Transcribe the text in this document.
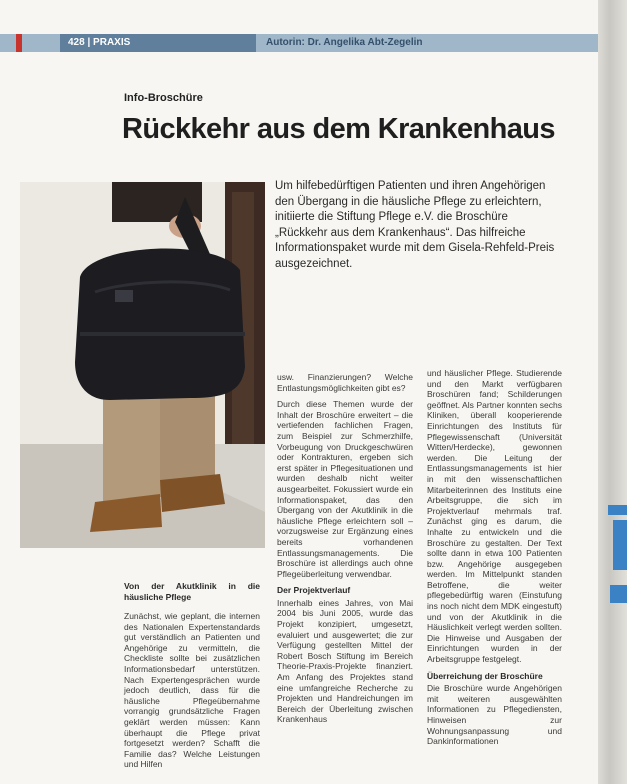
428 | PRAXIS	Autorin: Dr. Angelika Abt-Zegelin
Info-Broschüre
Rückkehr aus dem Krankenhaus
Um hilfebedürftigen Patienten und ihren Angehörigen den Übergang in die häusliche Pflege zu erleichtern, initiierte die Stiftung Pflege e.V. die Broschüre „Rückkehr aus dem Krankenhaus“. Das hilfreiche Informationspaket wurde mit dem Gisela-Rehfeld-Preis ausgezeichnet.
Von der Akutklinik in die häusliche Pflege

Zunächst, wie geplant, die internen des Nationalen Expertenstandards gut verständlich an Patienten und Angehörige zu vermitteln, die Checkliste sollte bei zusätzlichen Informationsbedarf unterstützen. Nach Expertengesprächen wurde jedoch deutlich, dass für die häusliche Pflegeübernahme vorrangig grundsätzliche Fragen geklärt werden müssen: Kann überhaupt die Pflege privat fortgesetzt werden? Schafft die Familie das? Welche Leistungen und Hilfen

usw. Finanzierungen? Welche Entlastungsmöglichkeiten gibt es?

Durch diese Themen wurde der Inhalt der Broschüre erweitert – die vertiefenden fachlichen Fragen, zum Beispiel zur Schmerzhilfe, Vorbeugung von Druckgeschwüren oder Kontrakturen, ergeben sich erst später in Pflegesituationen und wurden deshalb nicht weiter ausgearbeitet. Fokussiert wurde ein Informationspaket, das den Übergang von der Akutklinik in die häusliche Pflege erleichtern soll – vorzugsweise zur Ergänzung eines bereits vorhandenen Entlassungsmanagements. Die Broschüre ist allerdings auch ohne Pflegeüberleitung verwendbar.

Der Projektverlauf

Innerhalb eines Jahres, von Mai 2004 bis Juni 2005, wurde das Projekt konzipiert, umgesetzt, evaluiert und ausgewertet; die zur Verfügung gestellten Mittel der Robert Bosch Stiftung im Bereich Theorie-Praxis-Projekte finanziert. Am Anfang des Projektes stand eine umfangreiche Recherche zu Projekten und Handreichungen im Bereich der Überleitung zwischen Krankenhaus

und häuslicher Pflege. Studierende und den Markt verfügbaren Broschüren fand; Schilderungen geöffnet. Als Partner konnten sechs Kliniken, überall kooperierende Einrichtungen des Instituts für Pflegewissenschaft (Universität Witten/Herdecke), gewonnen werden. Die Leitung der Entlassungsmanagements ist hier in mit den wissenschaftlichen Mitarbeiterinnen des Instituts eine Arbeitsgruppe, die sich im Projektverlauf mehrmals traf. Zunächst ging es darum, die Inhalte zu entwickeln und die Broschüre zu gestalten. Der Text sollte dann in etwa 100 Patienten bzw. Angehörige ausgegeben werden. Im Mittelpunkt standen Betroffene, die weiter pflegebedürftig waren (Einstufung ins noch nicht dem MDK eingestuft) und von der Akutklinik in die Häuslichkeit verlegt werden sollten. Die Hinweise und Ausgaben der Einrichtungen wurden in der Arbeitsgruppe festgelegt.

Überreichung der Broschüre

Die Broschüre wurde Angehörigen mit weiteren ausgewählten Informationen zu Pflegediensten, Hinweisen zur Wohnungsanpassung und Dankinformationen
